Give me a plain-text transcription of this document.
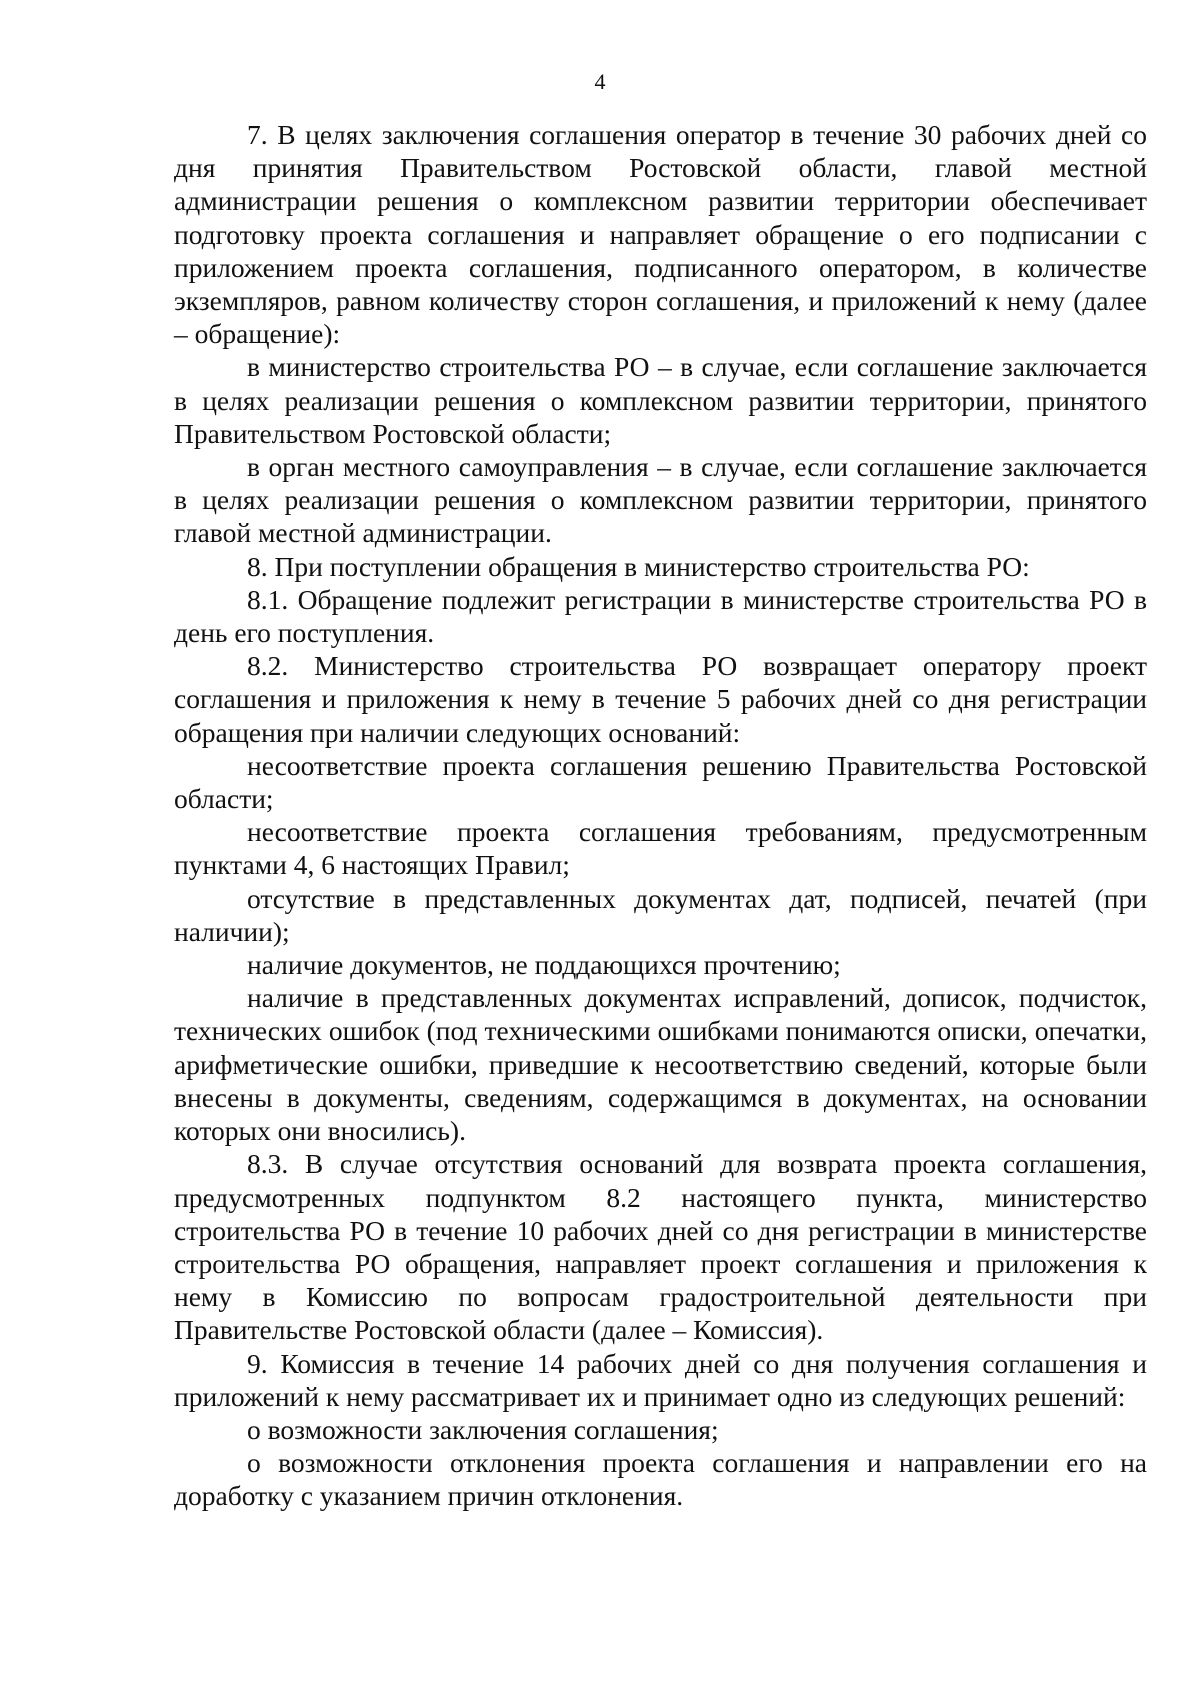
4

7. В целях заключения соглашения оператор в течение 30 рабочих дней со дня принятия Правительством Ростовской области, главой местной администрации решения о комплексном развитии территории обеспечивает подготовку проекта соглашения и направляет обращение о его подписании с приложением проекта соглашения, подписанного оператором, в количестве экземпляров, равном количеству сторон соглашения, и приложений к нему (далее – обращение):

в министерство строительства РО – в случае, если соглашение заключается в целях реализации решения о комплексном развитии территории, принятого Правительством Ростовской области;

в орган местного самоуправления – в случае, если соглашение заключается в целях реализации решения о комплексном развитии территории, принятого главой местной администрации.

8. При поступлении обращения в министерство строительства РО:

8.1. Обращение подлежит регистрации в министерстве строительства РО в день его поступления.

8.2. Министерство строительства РО возвращает оператору проект соглашения и приложения к нему в течение 5 рабочих дней со дня регистрации обращения при наличии следующих оснований:

несоответствие проекта соглашения решению Правительства Ростовской области;

несоответствие проекта соглашения требованиям, предусмотренным пунктами 4, 6 настоящих Правил;

отсутствие в представленных документах дат, подписей, печатей (при наличии);

наличие документов, не поддающихся прочтению;

наличие в представленных документах исправлений, дописок, подчисток, технических ошибок (под техническими ошибками понимаются описки, опечатки, арифметические ошибки, приведшие к несоответствию сведений, которые были внесены в документы, сведениям, содержащимся в документах, на основании которых они вносились).

8.3. В случае отсутствия оснований для возврата проекта соглашения, предусмотренных подпунктом 8.2 настоящего пункта, министерство строительства РО в течение 10 рабочих дней со дня регистрации в министерстве строительства РО обращения, направляет проект соглашения и приложения к нему в Комиссию по вопросам градостроительной деятельности при Правительстве Ростовской области (далее – Комиссия).

9. Комиссия в течение 14 рабочих дней со дня получения соглашения и приложений к нему рассматривает их и принимает одно из следующих решений:

о возможности заключения соглашения;

о возможности отклонения проекта соглашения и направлении его на доработку с указанием причин отклонения.
